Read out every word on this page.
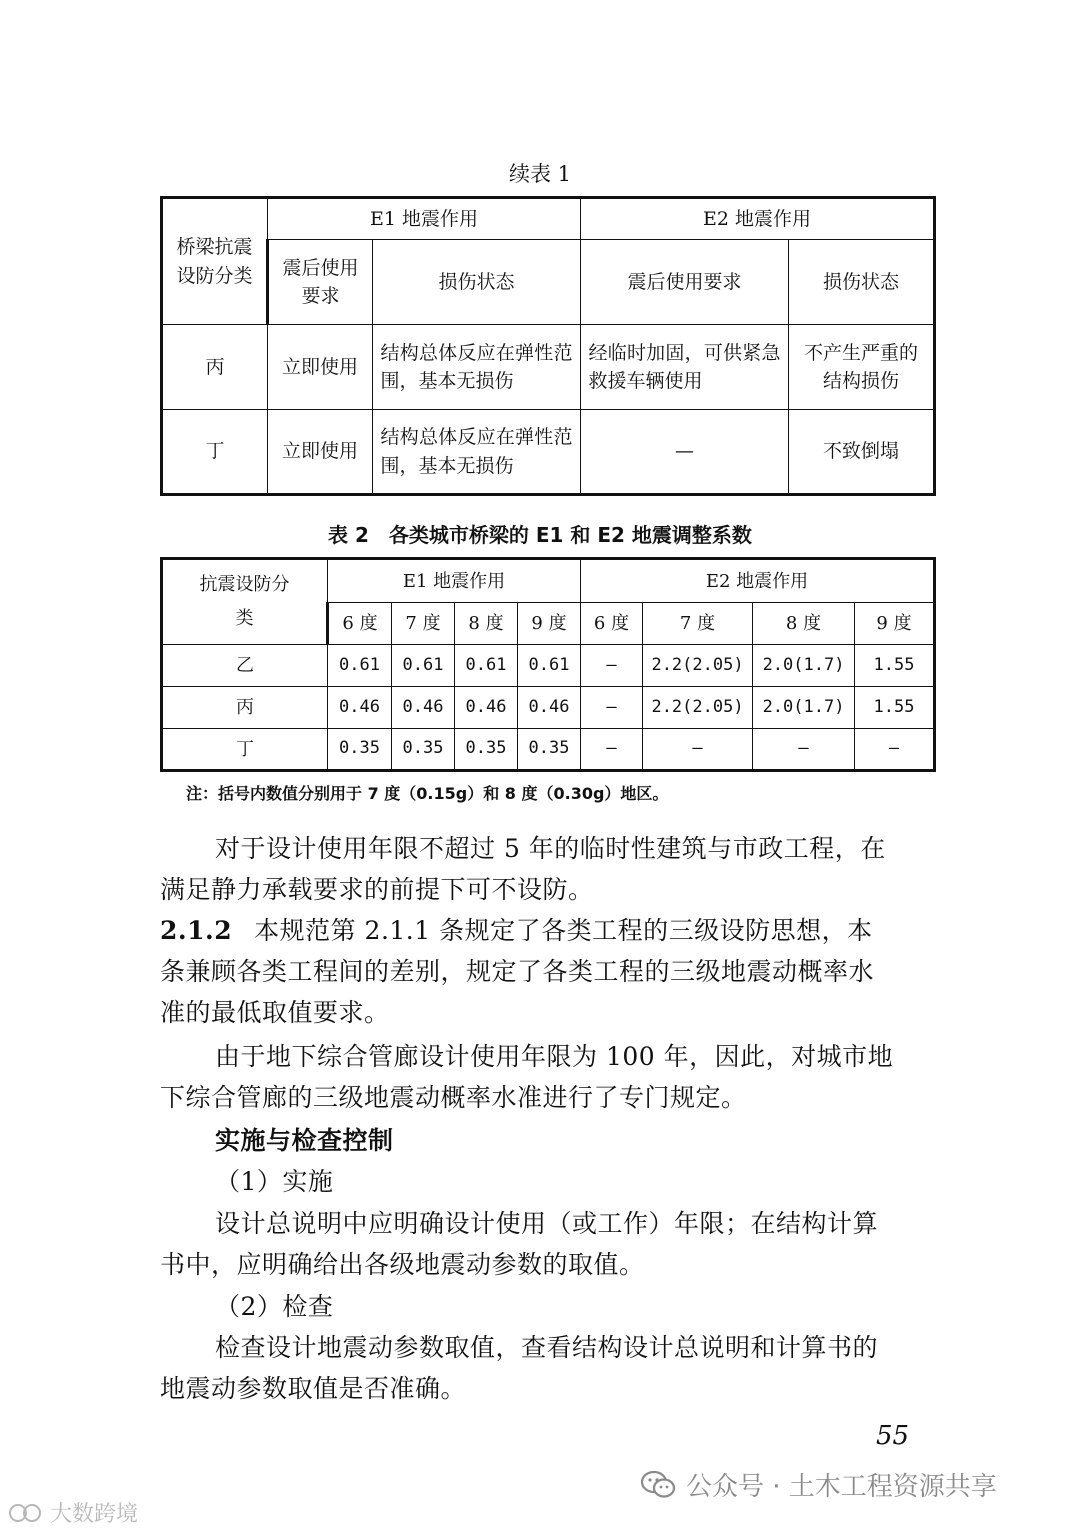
续表 1
桥梁抗震设防分类	E1 地震作用		E2 地震作用	

	震后使用要求	损伤状态	震后使用要求	损伤状态
丙	立即使用	结构总体反应在弹性范围，基本无损伤	经临时加固，可供紧急救援车辆使用	不产生严重的结构损伤

丁	立即使用	结构总体反应在弹性范围，基本无损伤	—	不致倒塌
表 2　各类城市桥梁的 E1 和 E2 地震调整系数
抗震设防分类	E1 地震作用				E2 地震作用			
	6 度	7 度	8 度	9 度	6 度	7 度	8 度	9 度
乙	0.61	0.61	0.61	0.61	—	2.2(2.05)	2.0(1.7)	1.55
丙	0.46	0.46	0.46	0.46	—	2.2(2.05)	2.0(1.7)	1.55
丁	0.35	0.35	0.35	0.35	—	—	—	—
注：括号内数值分别用于 7 度（0.15g）和 8 度（0.30g）地区。
对于设计使用年限不超过 5 年的临时性建筑与市政工程，在
满足静力承载要求的前提下可不设防。
2.1.2 本规范第 2.1.1 条规定了各类工程的三级设防思想，本
条兼顾各类工程间的差别，规定了各类工程的三级地震动概率水
准的最低取值要求。
由于地下综合管廊设计使用年限为 100 年，因此，对城市地
下综合管廊的三级地震动概率水准进行了专门规定。
实施与检查控制
（1）实施
设计总说明中应明确设计使用（或工作）年限；在结构计算
书中，应明确给出各级地震动参数的取值。
（2）检查
检查设计地震动参数取值，查看结构设计总说明和计算书的
地震动参数取值是否准确。
55
公众号 · 土木工程资源共享
大数跨境
